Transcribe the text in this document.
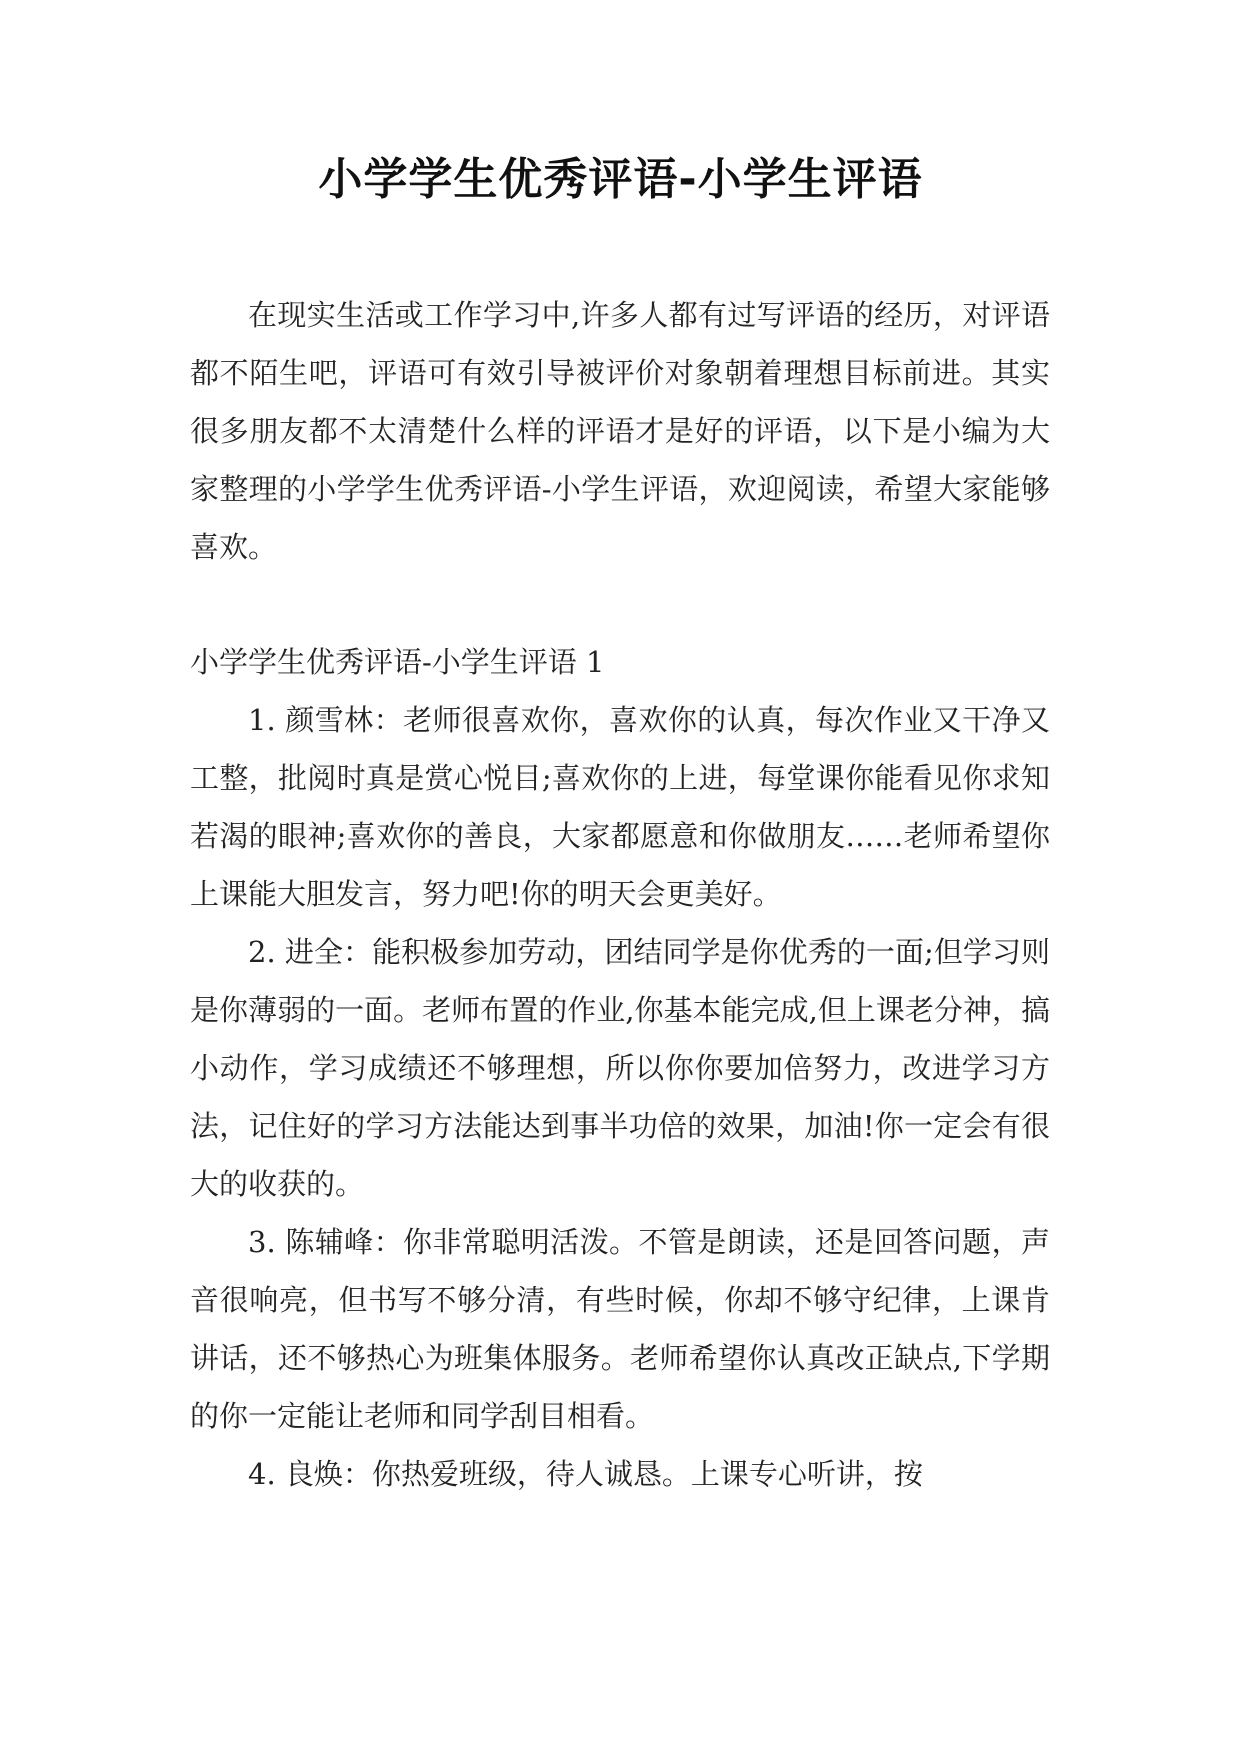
小学学生优秀评语-小学生评语

在现实生活或工作学习中,许多人都有过写评语的经历，对评语都不陌生吧，评语可有效引导被评价对象朝着理想目标前进。其实很多朋友都不太清楚什么样的评语才是好的评语，以下是小编为大家整理的小学学生优秀评语-小学生评语，欢迎阅读，希望大家能够喜欢。

小学学生优秀评语-小学生评语 1

1. 颜雪林：老师很喜欢你，喜欢你的认真，每次作业又干净又工整，批阅时真是赏心悦目;喜欢你的上进，每堂课你能看见你求知若渴的眼神;喜欢你的善良，大家都愿意和你做朋友……老师希望你上课能大胆发言，努力吧!你的明天会更美好。

2. 进全：能积极参加劳动，团结同学是你优秀的一面;但学习则是你薄弱的一面。老师布置的作业,你基本能完成,但上课老分神，搞小动作，学习成绩还不够理想，所以你你要加倍努力，改进学习方法，记住好的学习方法能达到事半功倍的效果，加油!你一定会有很大的收获的。

3. 陈辅峰：你非常聪明活泼。不管是朗读，还是回答问题，声音很响亮，但书写不够分清，有些时候，你却不够守纪律，上课肯讲话，还不够热心为班集体服务。老师希望你认真改正缺点,下学期的你一定能让老师和同学刮目相看。

4. 良焕：你热爱班级，待人诚恳。上课专心听讲，按
